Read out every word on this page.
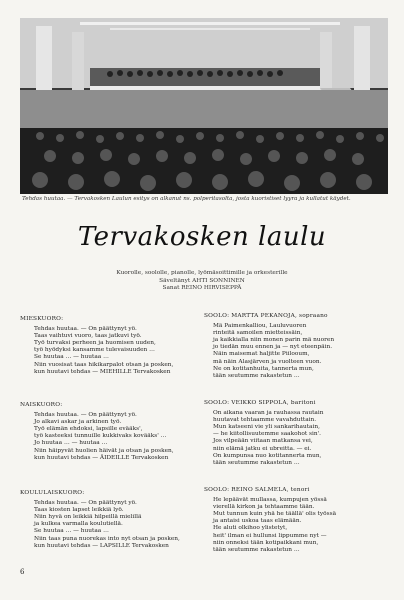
Tehdas huutaa. — Tervakosken Laulun esitys on alkanut ns. polperitasolta, josta kuoristiset lyyra ja kullatut käydet.
Tervakosken laulu
Kuorolle, soololle, pianolle, lyömäsoittimille ja orkesterille
Säveltänyt AHTI SONNINEN
Sanat REINO HIRVISEPPÄ
MIESKUORO:
Tehdas huutaa. — On päättynyt yö.
Taas vaihtuvi vuoro, taas jatkuvi työ.
Työ turvaksi perheen ja huomisen uuden,
työ hyödyksi kansamme tulevaisuuden …
Se huutaa … — huutaa …
Niin vuosisat taas hikikarpalot otsan ja posken,
kun huutavi tehdas — MIEHILLE Tervakosken
NAISKUORO:
Tehdas huutaa. — On päättynyt yö.
Jo alkavi askar ja arkinen työ.
Työ elämän ehdoksi, lapsille evääks',
työ kasteeksi tunnuille kukkivaks kovääks' …
Jo huutaa … — huutaa …
Niin häipyvät huolien häivät ja otsan ja posken,
kun huutavi tehdas — ÄIDEILLE Tervakosken
KOULULAISKUORO:
Tehdas huutaa. — On päättynyt yö.
Taas kiosten lapset leikkiä lyö.
Niin hyvä on leikkiä hilpeillä mielillä
ja kulkea varmalla koulutiellä.
Se huutaa … — huutaa …
Niin taas puna nuorekas into nyt otsan ja posken,
kun huutavi tehdas — LAPSILLE Tervakosken
SOOLO: MARTTA PEKANOJA, sopraano
Mä Paimenkalliou, Lauluvuoren
rinteitä samoilen mietteissäin,
ja kaikkialla niin monen parin mä nuoren
jo tiedän muu ennen ja — nyt eteenpäin.
Näin maisemat haljitte Piilooum,
mä näin Alasjärven ja vuolteen vuon.
Ne on kotitanhuita, tannerta mun,
tään seutumme rakastetun …
SOOLO: VEIKKO SIPPOLA, baritoni
On aikana vaaran ja rauhassa rautain
huutavat tehtaamme vavahduttain.
Mun katseeni vie yli sankarihautain,
— he kiitollisuutemme saakohot sin'.
Jos vilpeään viitaan matkansa vei,
niin elämä jatku ei ubreitta. — ei.
On kumpunsa nuo kotitannerta mun,
tään seutumme rakastetun …
SOOLO: REINO SALMELA, tenori
He lepäävät mullassa, kumpujen yössä
vierellä kirkon ja tehtaamme tään.
Mut tunnun kuin yhä he täällä' olis työssä
ja antaisi uskoa taas elämään.
He aluti olkihoo ylistetyt,
heit' ilman ei hullunsi lippumme nyt —
niin onneksi tään kotipaikkani mun,
tään seutumme rakastetun …
6
